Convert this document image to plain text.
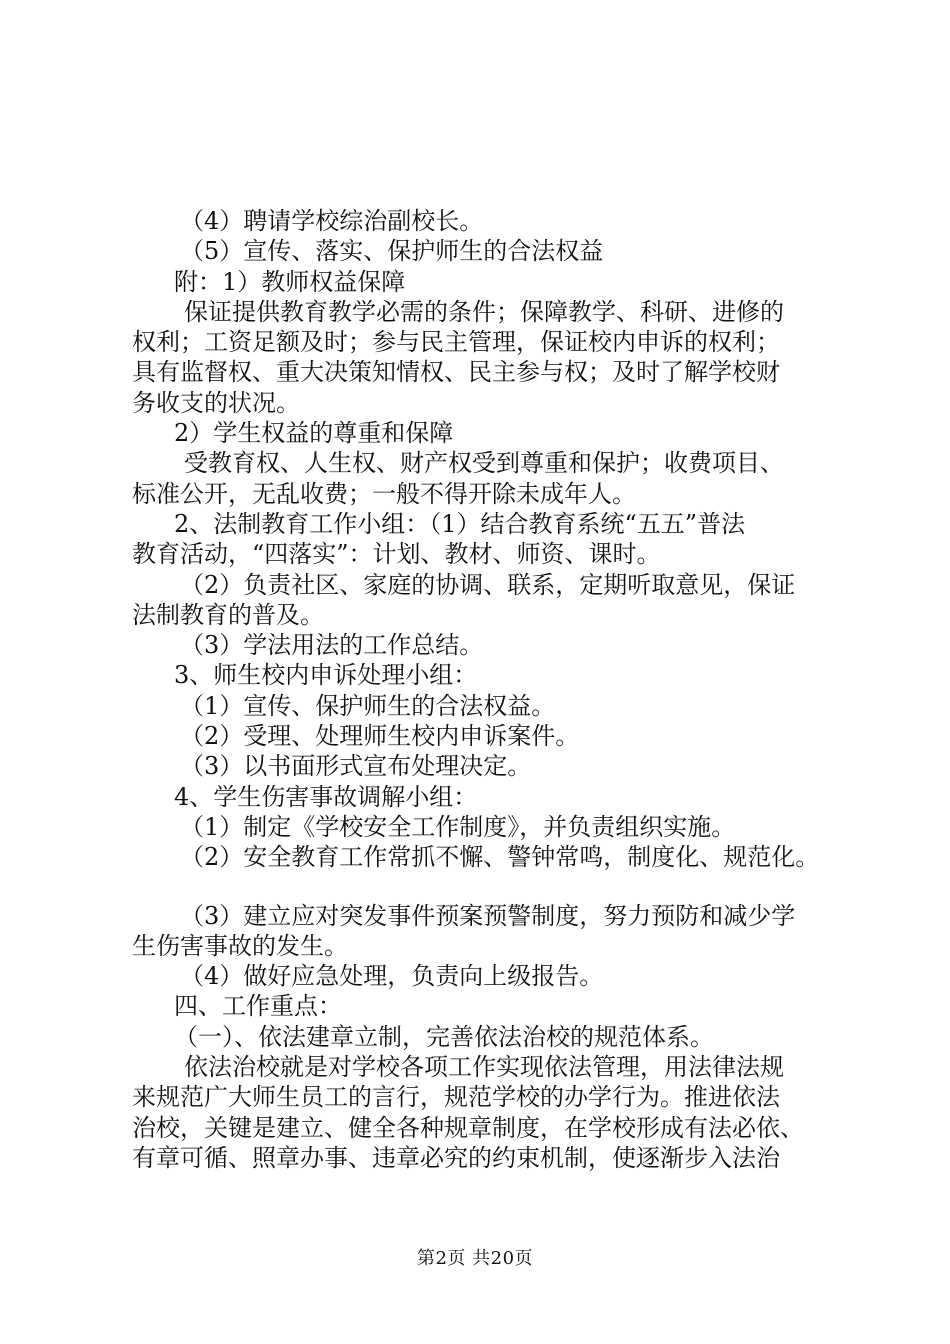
（4）聘请学校综治副校长。
（5）宣传、落实、保护师生的合法权益
附：1）教师权益保障
保证提供教育教学必需的条件；保障教学、科研、进修的
权利；工资足额及时；参与民主管理，保证校内申诉的权利；
具有监督权、重大决策知情权、民主参与权；及时了解学校财
务收支的状况。
2）学生权益的尊重和保障
受教育权、人生权、财产权受到尊重和保护；收费项目、
标准公开，无乱收费；一般不得开除未成年人。
2、法制教育工作小组：（1）结合教育系统“五五”普法
教育活动，“四落实”：计划、教材、师资、课时。
（2）负责社区、家庭的协调、联系，定期听取意见，保证
法制教育的普及。
（3）学法用法的工作总结。
3、师生校内申诉处理小组：
（1）宣传、保护师生的合法权益。
（2）受理、处理师生校内申诉案件。
（3）以书面形式宣布处理决定。
4、学生伤害事故调解小组：
（1）制定《学校安全工作制度》，并负责组织实施。
（2）安全教育工作常抓不懈、警钟常鸣，制度化、规范化。
（3）建立应对突发事件预案预警制度，努力预防和减少学
生伤害事故的发生。
（4）做好应急处理，负责向上级报告。
四、工作重点：
（一）、依法建章立制，完善依法治校的规范体系。
依法治校就是对学校各项工作实现依法管理，用法律法规
来规范广大师生员工的言行，规范学校的办学行为。推进依法
治校，关键是建立、健全各种规章制度，在学校形成有法必依、
有章可循、照章办事、违章必究的约束机制，使逐渐步入法治
第2页 共20页
